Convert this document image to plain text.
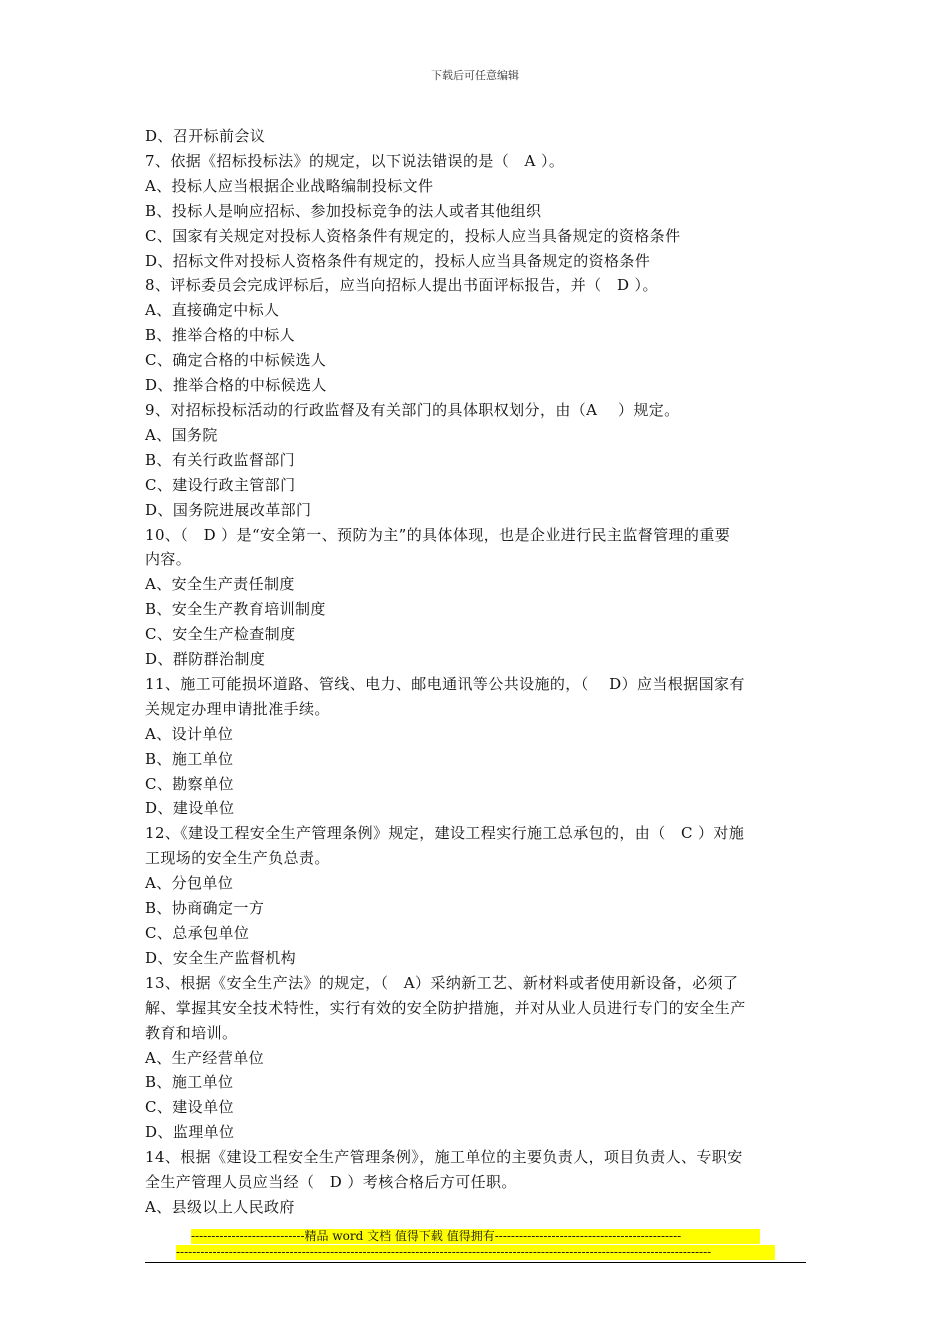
下载后可任意编辑
D、召开标前会议
7、依据《招标投标法》的规定，以下说法错误的是（　A ）。
A、投标人应当根据企业战略编制投标文件
B、投标人是响应招标、参加投标竞争的法人或者其他组织
C、国家有关规定对投标人资格条件有规定的，投标人应当具备规定的资格条件
D、招标文件对投标人资格条件有规定的，投标人应当具备规定的资格条件
8、评标委员会完成评标后，应当向招标人提出书面评标报告，并（　D ）。
A、直接确定中标人
B、推举合格的中标人
C、确定合格的中标候选人
D、推举合格的中标候选人
9、对招标投标活动的行政监督及有关部门的具体职权划分，由（A　 ）规定。
A、国务院
B、有关行政监督部门
C、建设行政主管部门
D、国务院进展改革部门
10、（　D ）是“安全第一、预防为主”的具体体现，也是企业进行民主监督管理的重要
内容。
A、安全生产责任制度
B、安全生产教育培训制度
C、安全生产检查制度
D、群防群治制度
11、施工可能损坏道路、管线、电力、邮电通讯等公共设施的，（　 D）应当根据国家有
关规定办理申请批准手续。
A、设计单位
B、施工单位
C、勘察单位
D、建设单位
12、《建设工程安全生产管理条例》规定，建设工程实行施工总承包的，由（　C ）对施
工现场的安全生产负总责。
A、分包单位
B、协商确定一方
C、总承包单位
D、安全生产监督机构
13、根据《安全生产法》的规定，（　A）采纳新工艺、新材料或者使用新设备，必须了
解、掌握其安全技术特性，实行有效的安全防护措施，并对从业人员进行专门的安全生产
教育和培训。
A、生产经营单位
B、施工单位
C、建设单位
D、监理单位
14、根据《建设工程安全生产管理条例》，施工单位的主要负责人，项目负责人、专职安
全生产管理人员应当经（　D ）考核合格后方可任职。
A、县级以上人民政府
----------------------------精品 word 文档 值得下载 值得拥有----------------------------------------------
------------------------------------------------------------------------------------------------------------------------------------
